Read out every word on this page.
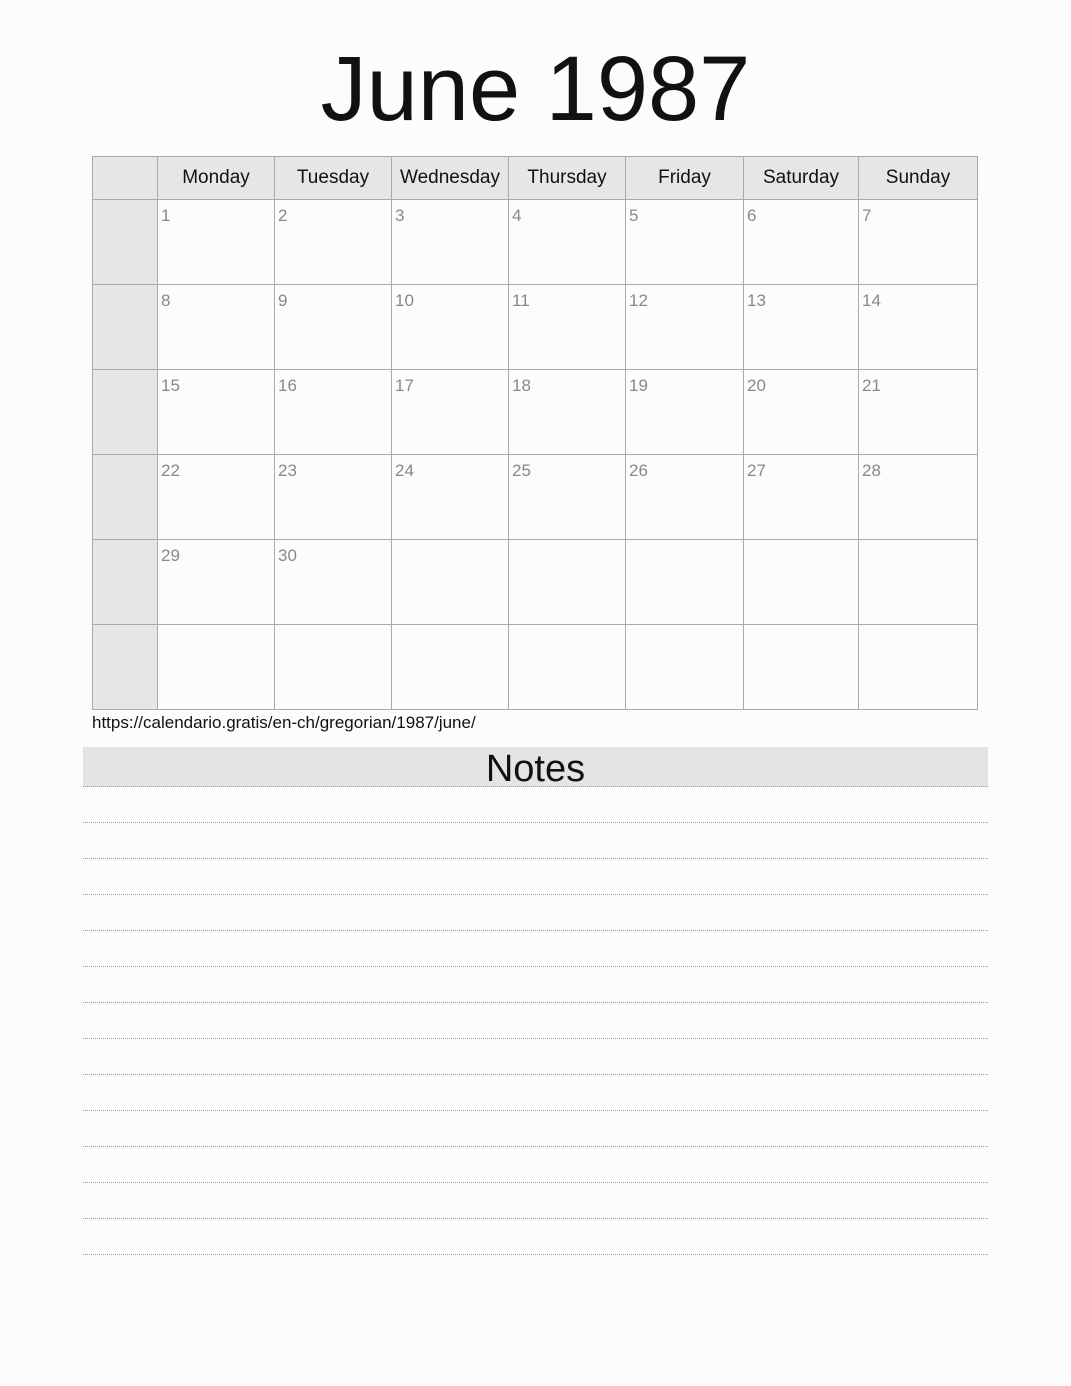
June 1987
	Monday	Tuesday	Wednesday	Thursday	Friday	Saturday	Sunday

	1	2	3	4	5	6	7

	8	9	10	11	12	13	14

	15	16	17	18	19	20	21

	22	23	24	25	26	27	28

	29	30					

https://calendario.gratis/en-ch/gregorian/1987/june/
Notes
